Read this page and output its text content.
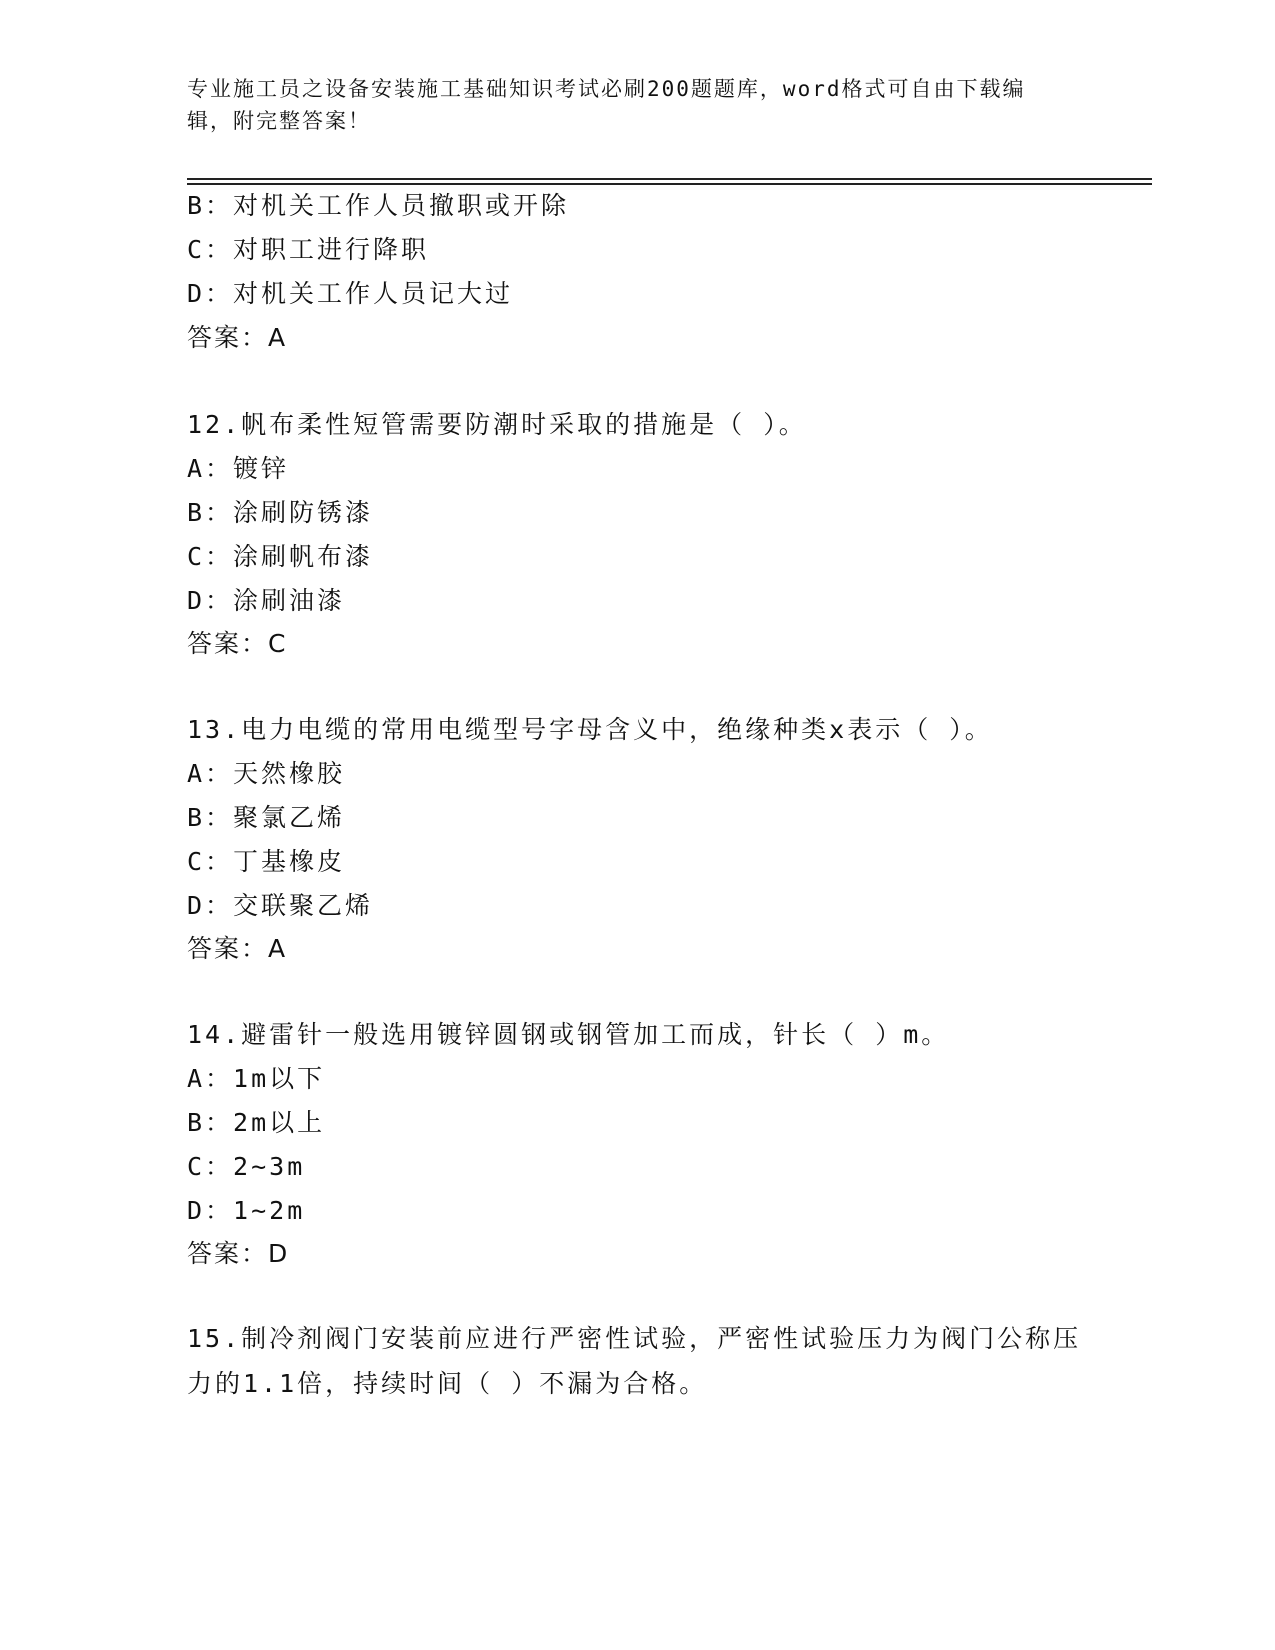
专业施工员之设备安装施工基础知识考试必刷200题题库，word格式可自由下载编辑，附完整答案！

B：对机关工作人员撤职或开除
C：对职工进行降职
D：对机关工作人员记大过
答案：A
12.帆布柔性短管需要防潮时采取的措施是（ ）。
A：镀锌
B：涂刷防锈漆
C：涂刷帆布漆
D：涂刷油漆
答案：C
13.电力电缆的常用电缆型号字母含义中，绝缘种类x表示（ ）。
A：天然橡胶
B：聚氯乙烯
C：丁基橡皮
D：交联聚乙烯
答案：A
14.避雷针一般选用镀锌圆钢或钢管加工而成，针长（ ）m。
A：1m以下
B：2m以上
C：2~3m
D：1~2m
答案：D
15.制冷剂阀门安装前应进行严密性试验，严密性试验压力为阀门公称压力的1.1倍，持续时间（ ）不漏为合格。
